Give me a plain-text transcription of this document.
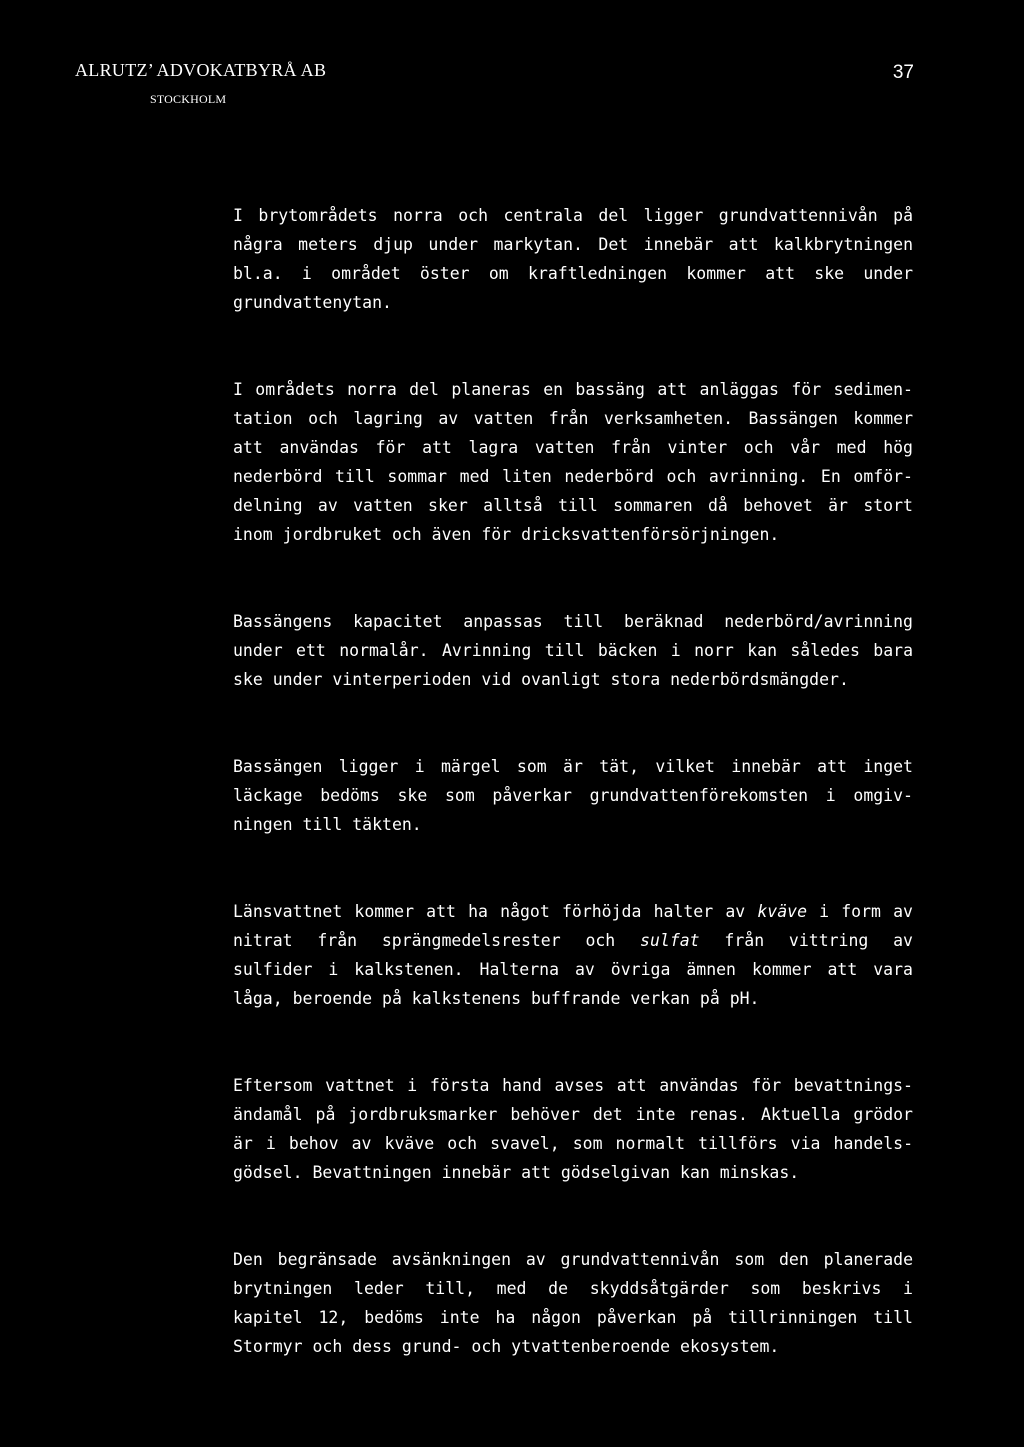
ALRUTZ’ ADVOKATBYRÅ AB
STOCKHOLM
37
I brytområdets norra och centrala del ligger grundvattennivån på
några meters djup under markytan. Det innebär att kalkbrytningen
bl.a. i området öster om kraftledningen kommer att ske under
grundvattenytan.
I områdets norra del planeras en bassäng att anläggas för sedimen-
tation och lagring av vatten från verksamheten. Bassängen kommer
att användas för att lagra vatten från vinter och vår med hög
nederbörd till sommar med liten nederbörd och avrinning. En omför-
delning av vatten sker alltså till sommaren då behovet är stort
inom jordbruket och även för dricksvattenförsörjningen.
Bassängens kapacitet anpassas till beräknad nederbörd/avrinning
under ett normalår. Avrinning till bäcken i norr kan således bara
ske under vinterperioden vid ovanligt stora nederbördsmängder.
Bassängen ligger i märgel som är tät, vilket innebär att inget
läckage bedöms ske som påverkar grundvattenförekomsten i omgiv-
ningen till täkten.
Länsvattnet kommer att ha något förhöjda halter av kväve i form av
nitrat från sprängmedelsrester och sulfat från vittring av
sulfider i kalkstenen. Halterna av övriga ämnen kommer att vara
låga, beroende på kalkstenens buffrande verkan på pH.
Eftersom vattnet i första hand avses att användas för bevattnings-
ändamål på jordbruksmarker behöver det inte renas. Aktuella grödor
är i behov av kväve och svavel, som normalt tillförs via handels-
gödsel. Bevattningen innebär att gödselgivan kan minskas.
Den begränsade avsänkningen av grundvattennivån som den planerade
brytningen leder till, med de skyddsåtgärder som beskrivs i
kapitel 12, bedöms inte ha någon påverkan på tillrinningen till
Stormyr och dess grund- och ytvattenberoende ekosystem.
